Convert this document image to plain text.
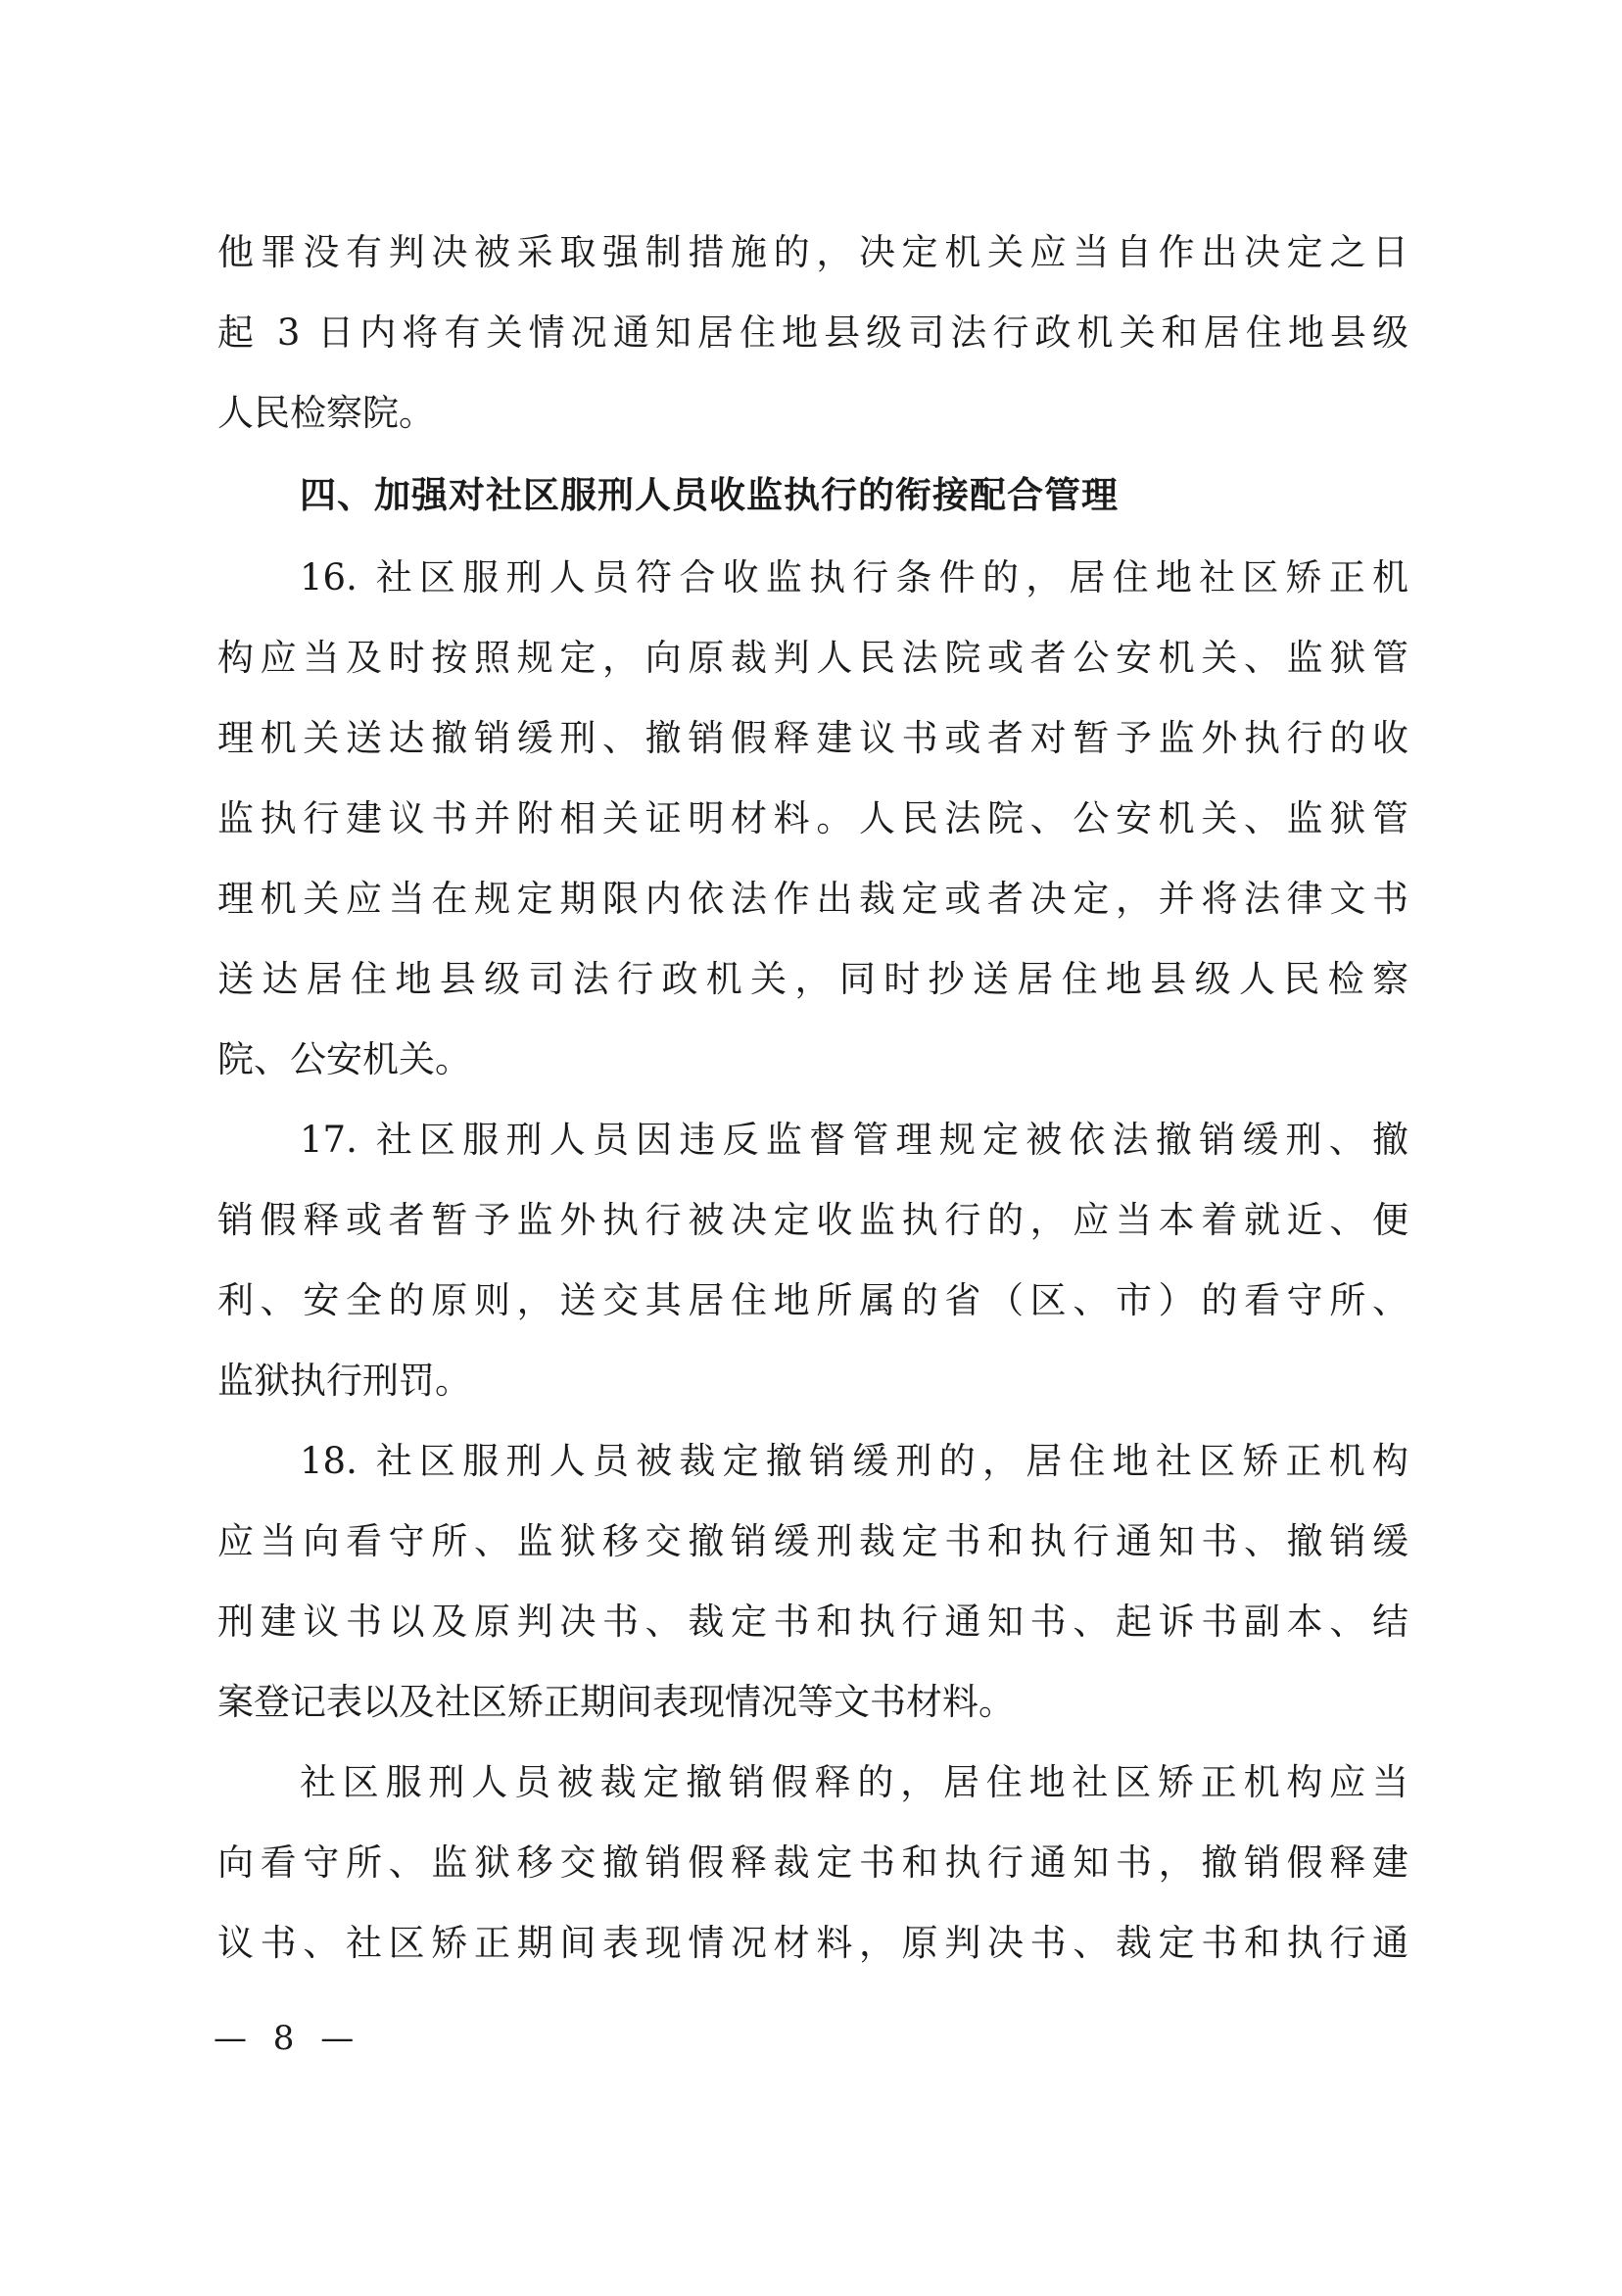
他罪没有判决被采取强制措施的，决定机关应当自作出决定之日
起 3 日内将有关情况通知居住地县级司法行政机关和居住地县级
人民检察院。
四、加强对社区服刑人员收监执行的衔接配合管理
16. 社区服刑人员符合收监执行条件的，居住地社区矫正机
构应当及时按照规定，向原裁判人民法院或者公安机关、监狱管
理机关送达撤销缓刑、撤销假释建议书或者对暂予监外执行的收
监执行建议书并附相关证明材料。人民法院、公安机关、监狱管
理机关应当在规定期限内依法作出裁定或者决定，并将法律文书
送达居住地县级司法行政机关，同时抄送居住地县级人民检察
院、公安机关。
17. 社区服刑人员因违反监督管理规定被依法撤销缓刑、撤
销假释或者暂予监外执行被决定收监执行的，应当本着就近、便
利、安全的原则，送交其居住地所属的省（区、市）的看守所、
监狱执行刑罚。
18. 社区服刑人员被裁定撤销缓刑的，居住地社区矫正机构
应当向看守所、监狱移交撤销缓刑裁定书和执行通知书、撤销缓
刑建议书以及原判决书、裁定书和执行通知书、起诉书副本、结
案登记表以及社区矫正期间表现情况等文书材料。
社区服刑人员被裁定撤销假释的，居住地社区矫正机构应当
向看守所、监狱移交撤销假释裁定书和执行通知书，撤销假释建
议书、社区矫正期间表现情况材料，原判决书、裁定书和执行通
— 8 —
